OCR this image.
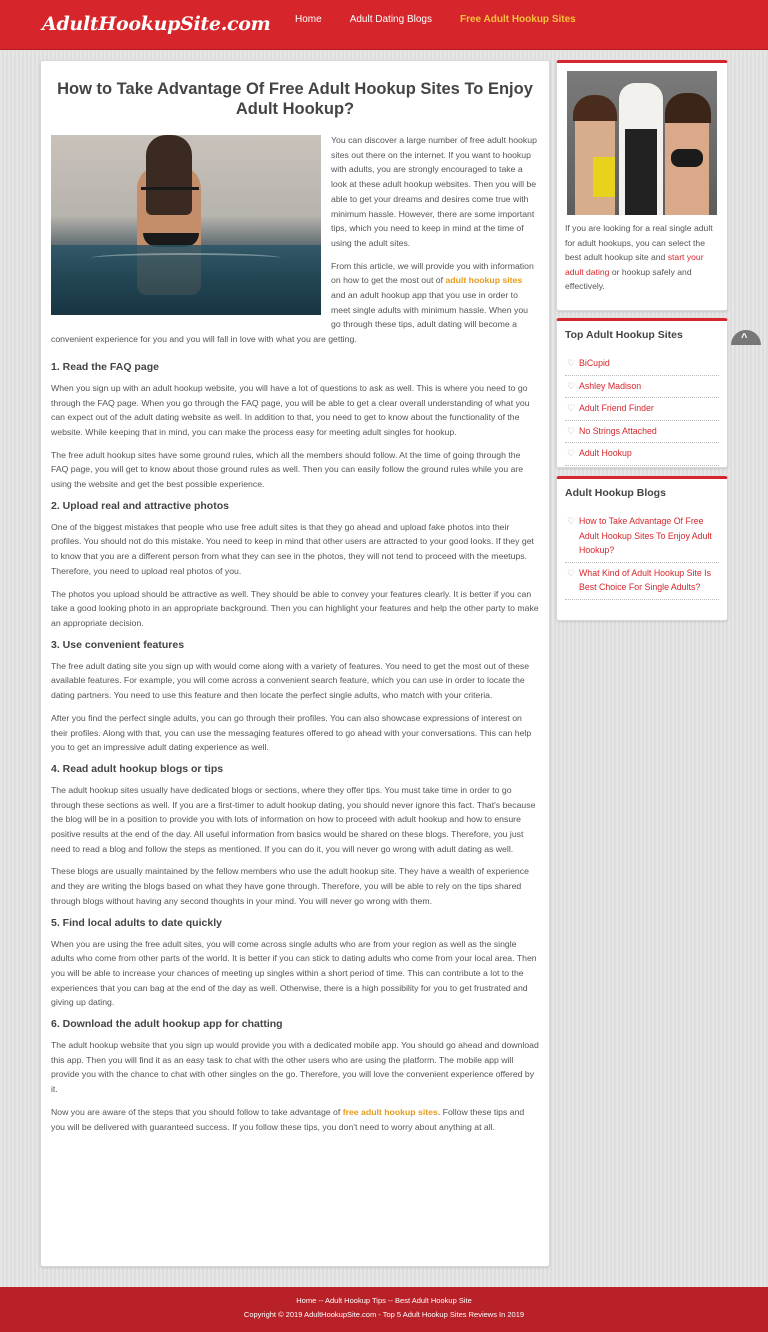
AdultHookupSite.com Home	Adult Dating Blogs	Free Adult Hookup Sites
How to Take Advantage Of Free Adult Hookup Sites To Enjoy Adult Hookup?

You can discover a large number of free adult hookup sites out there on the internet. If you want to hookup with adults, you are strongly encouraged to take a look at these adult hookup websites. Then you will be able to get your dreams and desires come true with minimum hassle. However, there are some important tips, which you need to keep in mind at the time of using the adult sites.

From this article, we will provide you with information on how to get the most out of adult hookup sites and an adult hookup app that you use in order to meet single adults with minimum hassle. When you go through these tips, adult dating will become a convenient experience for you and you will fall in love with what you are getting.

1. Read the FAQ page

When you sign up with an adult hookup website, you will have a lot of questions to ask as well. This is where you need to go through the FAQ page. When you go through the FAQ page, you will be able to get a clear overall understanding of what you can expect out of the adult dating website as well. In addition to that, you need to get to know about the functionality of the website. While keeping that in mind, you can make the process easy for meeting adult singles for hookup.

The free adult hookup sites have some ground rules, which all the members should follow. At the time of going through the FAQ page, you will get to know about those ground rules as well. Then you can easily follow the ground rules while you are using the website and get the best possible experience.

2. Upload real and attractive photos

One of the biggest mistakes that people who use free adult sites is that they go ahead and upload fake photos into their profiles. You should not do this mistake. You need to keep in mind that other users are attracted to your good looks. If they get to know that you are a different person from what they can see in the photos, they will not tend to proceed with the meetups. Therefore, you need to upload real photos of you.

The photos you upload should be attractive as well. They should be able to convey your features clearly. It is better if you can take a good looking photo in an appropriate background. Then you can highlight your features and help the other party to make an appropriate decision.

3. Use convenient features

The free adult dating site you sign up with would come along with a variety of features. You need to get the most out of these available features. For example, you will come across a convenient search feature, which you can use in order to locate the dating partners. You need to use this feature and then locate the perfect single adults, who match with your criteria.

After you find the perfect single adults, you can go through their profiles. You can also showcase expressions of interest on their profiles. Along with that, you can use the messaging features offered to go ahead with your conversations. This can help you to get an impressive adult dating experience as well.

4. Read adult hookup blogs or tips

The adult hookup sites usually have dedicated blogs or sections, where they offer tips. You must take time in order to go through these sections as well. If you are a first-timer to adult hookup dating, you should never ignore this fact. That's because the blog will be in a position to provide you with lots of information on how to proceed with adult hookup and how to ensure positive results at the end of the day. All useful information from basics would be shared on these blogs. Therefore, you just need to read a blog and follow the steps as mentioned. If you can do it, you will never go wrong with adult dating as well.

These blogs are usually maintained by the fellow members who use the adult hookup site. They have a wealth of experience and they are writing the blogs based on what they have gone through. Therefore, you will be able to rely on the tips shared through blogs without having any second thoughts in your mind. You will never go wrong with them.

5. Find local adults to date quickly

When you are using the free adult sites, you will come across single adults who are from your region as well as the single adults who come from other parts of the world. It is better if you can stick to dating adults who come from your local area. Then you will be able to increase your chances of meeting up singles within a short period of time. This can contribute a lot to the experiences that you can bag at the end of the day as well. Otherwise, there is a high possibility for you to get frustrated and giving up dating.

6. Download the adult hookup app for chatting

The adult hookup website that you sign up would provide you with a dedicated mobile app. You should go ahead and download this app. Then you will find it as an easy task to chat with the other users who are using the platform. The mobile app will provide you with the chance to chat with other singles on the go. Therefore, you will love the convenient experience offered by it.

Now you are aware of the steps that you should follow to take advantage of free adult hookup sites. Follow these tips and you will be delivered with guaranteed success. If you follow these tips, you don't need to worry about anything at all.

If you are looking for a real single adult for adult hookups, you can select the best adult hookup site and start your adult dating or hookup safely and effectively.

Top Adult Hookup Sites
♡ BiCupid
♡ Ashley Madison
♡ Adult Friend Finder
♡ No Strings Attached
♡ Adult Hookup
Adult Hookup Blogs
♡ How to Take Advantage Of Free Adult Hookup Sites To Enjoy Adult Hookup?
♡ What Kind of Adult Hookup Site Is Best Choice For Single Adults?
^
Home -- Adult Hookup Tips -- Best Adult Hookup Site
Copyright © 2019 AdultHookupSite.com - Top 5 Adult Hookup Sites Reviews In 2019
